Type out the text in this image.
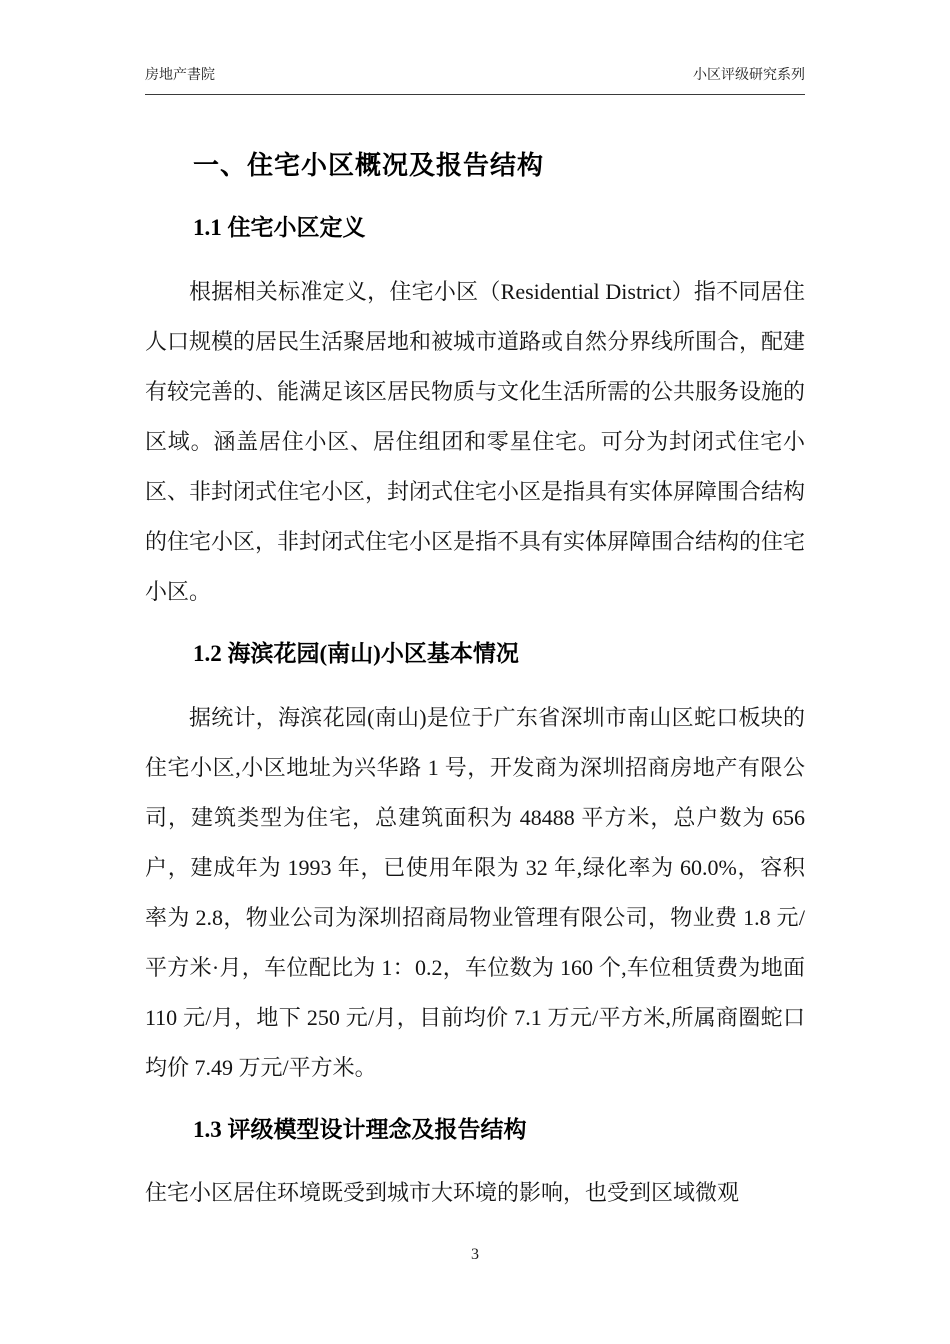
房地产書院	小区评级研究系列
一、住宅小区概况及报告结构
1.1 住宅小区定义

根据相关标准定义，住宅小区（Residential District）指不同居住人口规模的居民生活聚居地和被城市道路或自然分界线所围合，配建有较完善的、能满足该区居民物质与文化生活所需的公共服务设施的区域。涵盖居住小区、居住组团和零星住宅。可分为封闭式住宅小区、非封闭式住宅小区，封闭式住宅小区是指具有实体屏障围合结构的住宅小区，非封闭式住宅小区是指不具有实体屏障围合结构的住宅小区。

1.2 海滨花园(南山)小区基本情况

据统计，海滨花园(南山)是位于广东省深圳市南山区蛇口板块的住宅小区,小区地址为兴华路 1 号，开发商为深圳招商房地产有限公司，建筑类型为住宅，总建筑面积为 48488 平方米，总户数为 656 户，建成年为 1993 年，已使用年限为 32 年,绿化率为 60.0%，容积率为 2.8，物业公司为深圳招商局物业管理有限公司，物业费 1.8 元/平方米·月，车位配比为 1：0.2，车位数为 160 个,车位租赁费为地面 110 元/月，地下 250 元/月，目前均价 7.1 万元/平方米,所属商圈蛇口均价 7.49 万元/平方米。

1.3 评级模型设计理念及报告结构

住宅小区居住环境既受到城市大环境的影响，也受到区域微观

3
